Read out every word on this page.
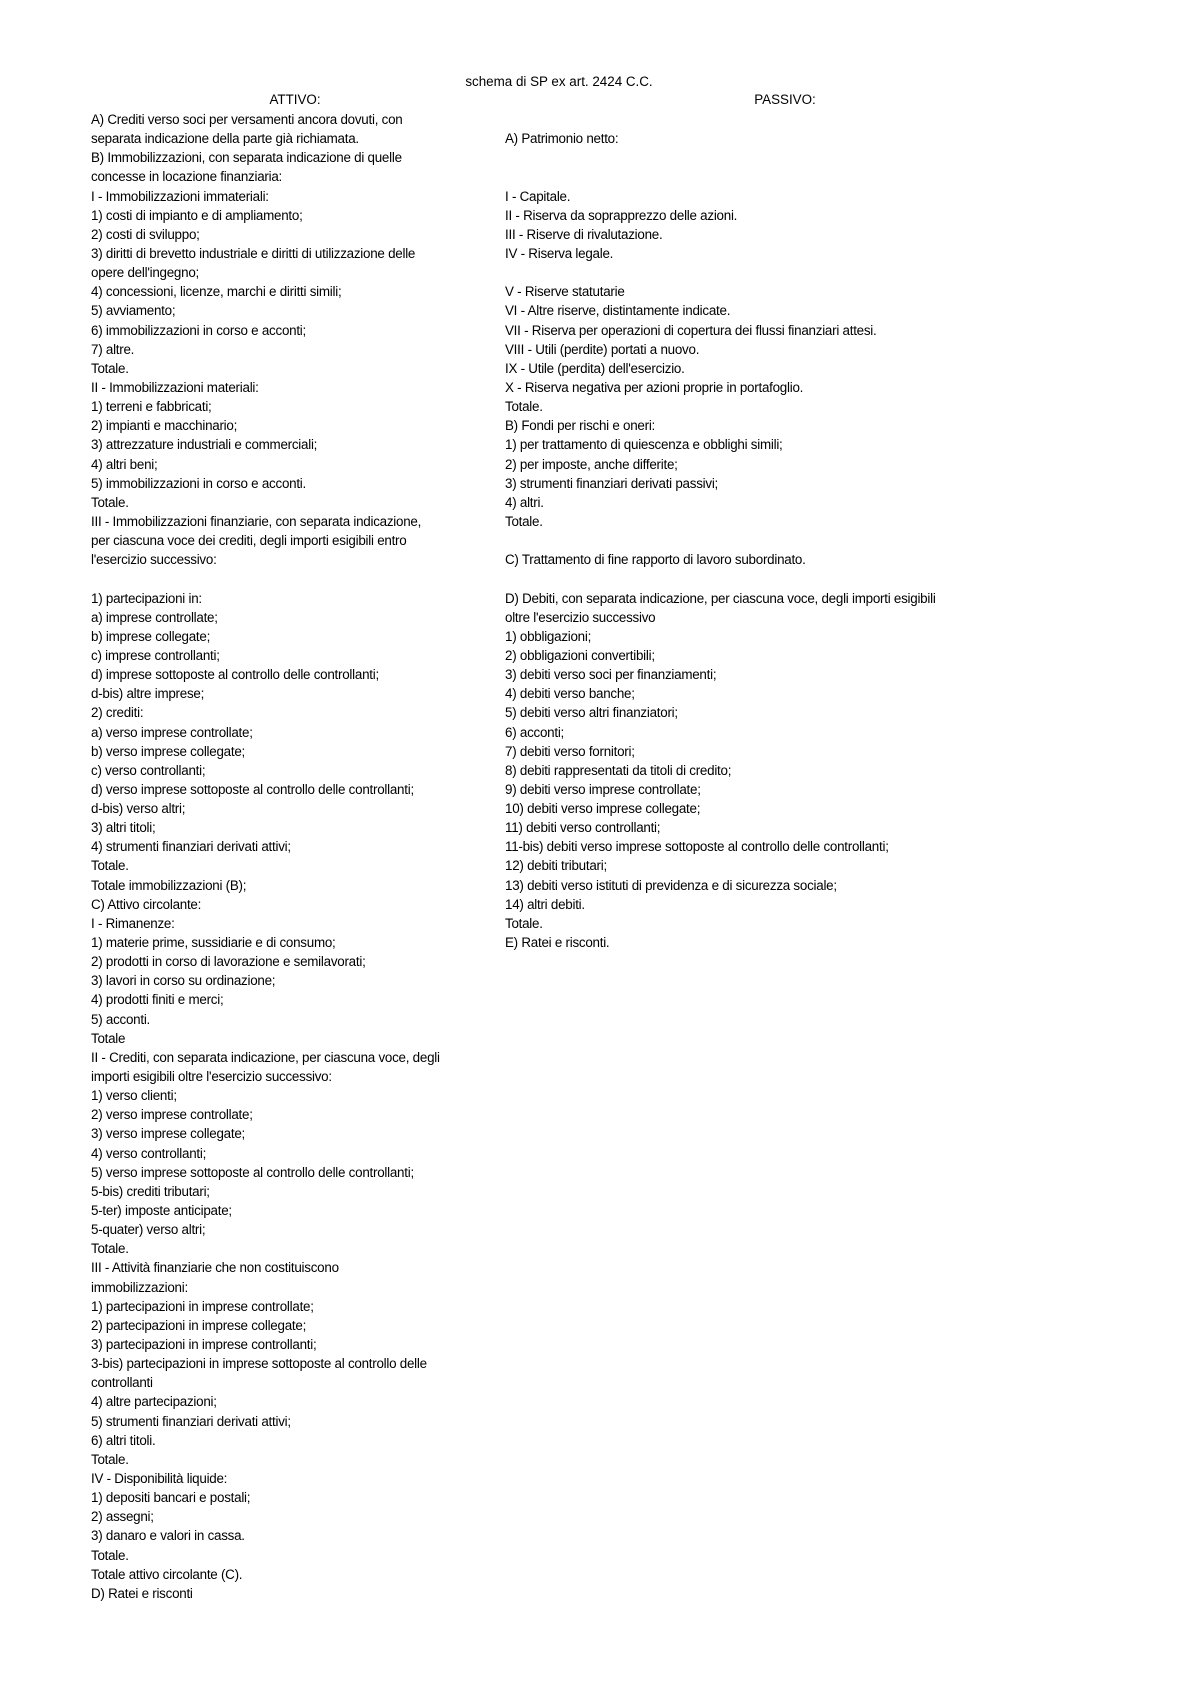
schema di SP ex art. 2424 C.C.
ATTIVO:	PASSIVO:
A) Crediti verso soci per versamenti ancora dovuti, con
separata indicazione della parte già richiamata.
B) Immobilizzazioni, con separata indicazione di quelle
concesse in locazione finanziaria:
I - Immobilizzazioni immateriali:
1) costi di impianto e di ampliamento;
2) costi di sviluppo;
3) diritti di brevetto industriale e diritti di utilizzazione delle
opere dell'ingegno;
4) concessioni, licenze, marchi e diritti simili;
5) avviamento;
6) immobilizzazioni in corso e acconti;
7) altre.
Totale.
II - Immobilizzazioni materiali:
1) terreni e fabbricati;
2) impianti e macchinario;
3) attrezzature industriali e commerciali;
4) altri beni;
5) immobilizzazioni in corso e acconti.
Totale.
III - Immobilizzazioni finanziarie, con separata indicazione,
per ciascuna voce dei crediti, degli importi esigibili entro
l'esercizio successivo:
1) partecipazioni in:
a) imprese controllate;
b) imprese collegate;
c) imprese controllanti;
d) imprese sottoposte al controllo delle controllanti;
d-bis) altre imprese;
2) crediti:
a) verso imprese controllate;
b) verso imprese collegate;
c) verso controllanti;
d) verso imprese sottoposte al controllo delle controllanti;
d-bis) verso altri;
3) altri titoli;
4) strumenti finanziari derivati attivi;
Totale.
Totale immobilizzazioni (B);
C) Attivo circolante:
I - Rimanenze:
1) materie prime, sussidiarie e di consumo;
2) prodotti in corso di lavorazione e semilavorati;
3) lavori in corso su ordinazione;
4) prodotti finiti e merci;
5) acconti.
Totale
II - Crediti, con separata indicazione, per ciascuna voce, degli
importi esigibili oltre l'esercizio successivo:
1) verso clienti;
2) verso imprese controllate;
3) verso imprese collegate;
4) verso controllanti;
5) verso imprese sottoposte al controllo delle controllanti;
5-bis) crediti tributari;
5-ter) imposte anticipate;
5-quater) verso altri;
Totale.
III - Attività finanziarie che non costituiscono
immobilizzazioni:
1) partecipazioni in imprese controllate;
2) partecipazioni in imprese collegate;
3) partecipazioni in imprese controllanti;
3-bis) partecipazioni in imprese sottoposte al controllo delle
controllanti
4) altre partecipazioni;
5) strumenti finanziari derivati attivi;
6) altri titoli.
Totale.
IV - Disponibilità liquide:
1) depositi bancari e postali;
2) assegni;
3) danaro e valori in cassa.
Totale.
Totale attivo circolante (C).
D) Ratei e risconti
A) Patrimonio netto:
I - Capitale.
II - Riserva da soprapprezzo delle azioni.
III - Riserve di rivalutazione.
IV - Riserva legale.
V - Riserve statutarie
VI - Altre riserve, distintamente indicate.
VII - Riserva per operazioni di copertura dei flussi finanziari attesi.
VIII - Utili (perdite) portati a nuovo.
IX - Utile (perdita) dell'esercizio.
X - Riserva negativa per azioni proprie in portafoglio.
Totale.
B) Fondi per rischi e oneri:
1) per trattamento di quiescenza e obblighi simili;
2) per imposte, anche differite;
3) strumenti finanziari derivati passivi;
4) altri.
Totale.
C) Trattamento di fine rapporto di lavoro subordinato.
D) Debiti, con separata indicazione, per ciascuna voce, degli importi esigibili
oltre l'esercizio successivo
1) obbligazioni;
2) obbligazioni convertibili;
3) debiti verso soci per finanziamenti;
4) debiti verso banche;
5) debiti verso altri finanziatori;
6) acconti;
7) debiti verso fornitori;
8) debiti rappresentati da titoli di credito;
9) debiti verso imprese controllate;
10) debiti verso imprese collegate;
11) debiti verso controllanti;
11-bis) debiti verso imprese sottoposte al controllo delle controllanti;
12) debiti tributari;
13) debiti verso istituti di previdenza e di sicurezza sociale;
14) altri debiti.
Totale.
E) Ratei e risconti.
